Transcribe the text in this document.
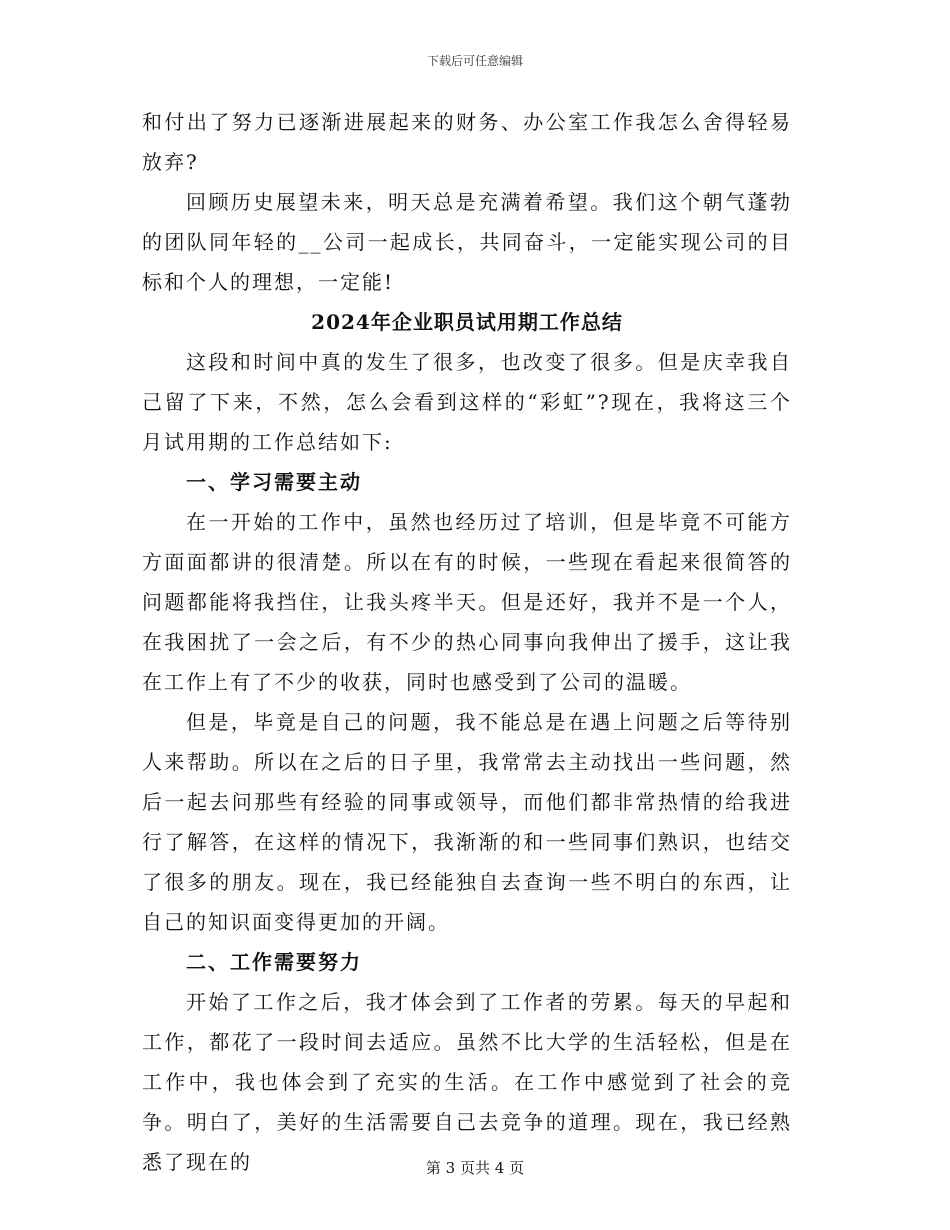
下载后可任意编辑

和付出了努力已逐渐进展起来的财务、办公室工作我怎么舍得轻易放弃?

回顾历史展望未来，明天总是充满着希望。我们这个朝气蓬勃的团队同年轻的__公司一起成长，共同奋斗，一定能实现公司的目标和个人的理想，一定能!

2024年企业职员试用期工作总结

这段和时间中真的发生了很多，也改变了很多。但是庆幸我自己留了下来，不然，怎么会看到这样的“彩虹”?现在，我将这三个月试用期的工作总结如下:

一、学习需要主动

在一开始的工作中，虽然也经历过了培训，但是毕竟不可能方方面面都讲的很清楚。所以在有的时候，一些现在看起来很简答的问题都能将我挡住，让我头疼半天。但是还好，我并不是一个人，在我困扰了一会之后，有不少的热心同事向我伸出了援手，这让我在工作上有了不少的收获，同时也感受到了公司的温暖。

但是，毕竟是自己的问题，我不能总是在遇上问题之后等待别人来帮助。所以在之后的日子里，我常常去主动找出一些问题，然后一起去问那些有经验的同事或领导，而他们都非常热情的给我进行了解答，在这样的情况下，我渐渐的和一些同事们熟识，也结交了很多的朋友。现在，我已经能独自去查询一些不明白的东西，让自己的知识面变得更加的开阔。

二、工作需要努力

开始了工作之后，我才体会到了工作者的劳累。每天的早起和工作，都花了一段时间去适应。虽然不比大学的生活轻松，但是在工作中，我也体会到了充实的生活。在工作中感觉到了社会的竞争。明白了，美好的生活需要自己去竞争的道理。现在，我已经熟悉了现在的	第 3 页共 4 页
